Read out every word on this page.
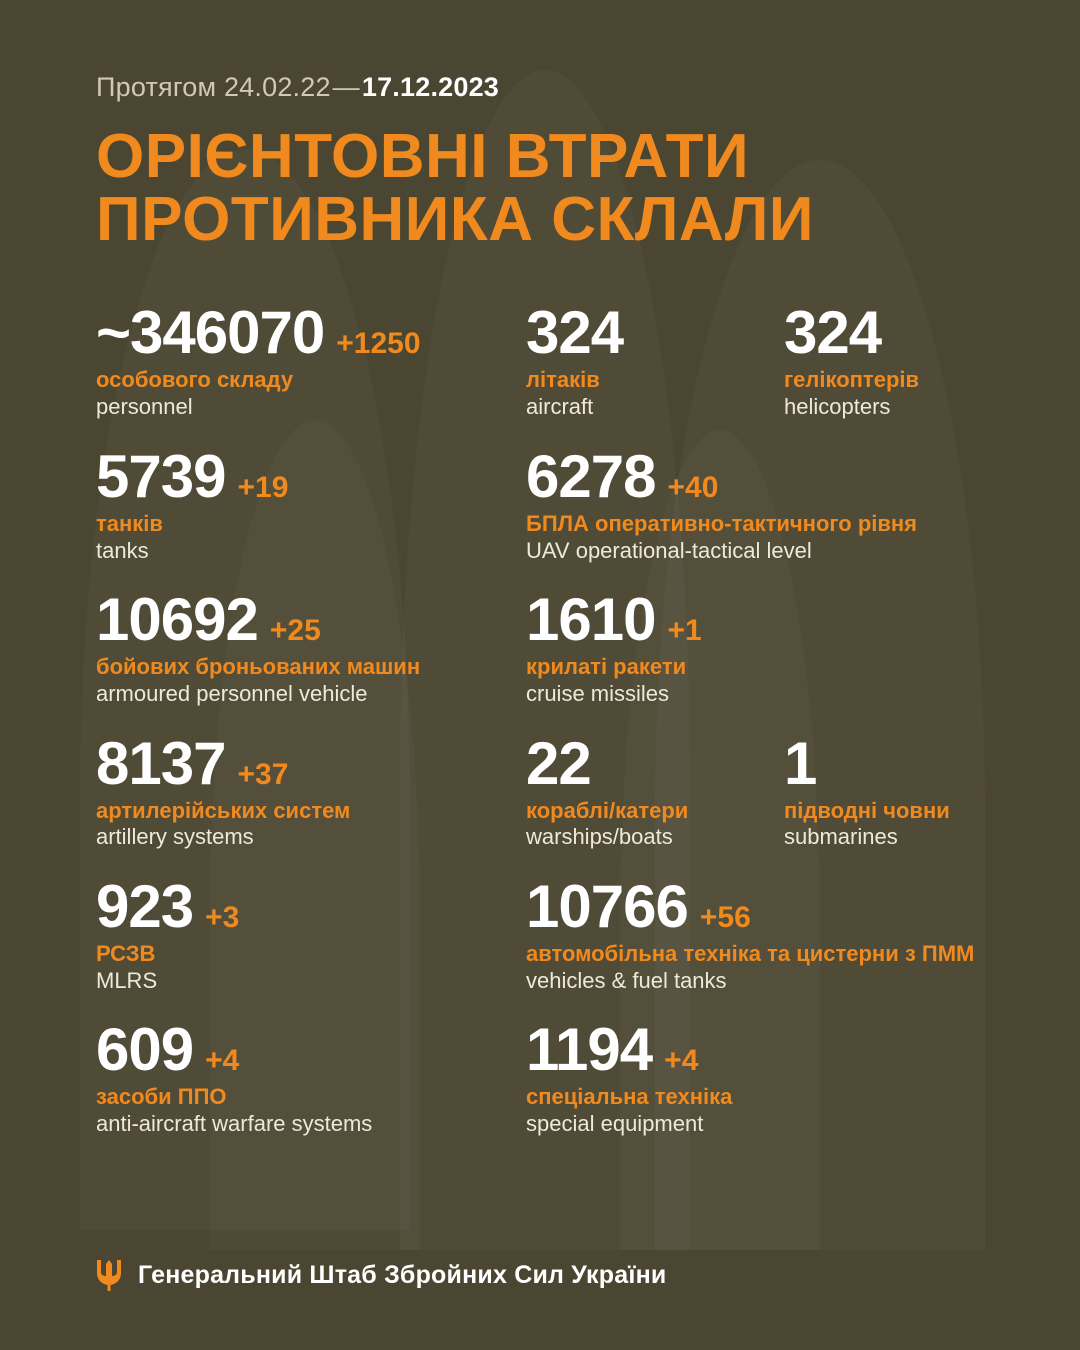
Протягом 24.02.22—17.12.2023
ОРІЄНТОВНІ ВТРАТИ
ПРОТИВНИКА СКЛАЛИ
~346070 +1250
особового складу
personnel
324
літаків
aircraft
324
гелікоптерів
helicopters
5739 +19
танків
tanks
6278 +40
БПЛА оперативно-тактичного рівня
UAV operational-tactical level
10692 +25
бойових броньованих машин
armoured personnel vehicle
1610 +1
крилаті ракети
cruise missiles
8137 +37
артилерійських систем
artillery systems
22
кораблі/катери
warships/boats
1
підводні човни
submarines
923 +3
РСЗВ
MLRS
10766 +56
автомобільна техніка та цистерни з ПММ
vehicles & fuel tanks
609 +4
засоби ППО
anti-aircraft warfare systems
1194 +4
спеціальна техніка
special equipment
Генеральний Штаб Збройних Сил України
